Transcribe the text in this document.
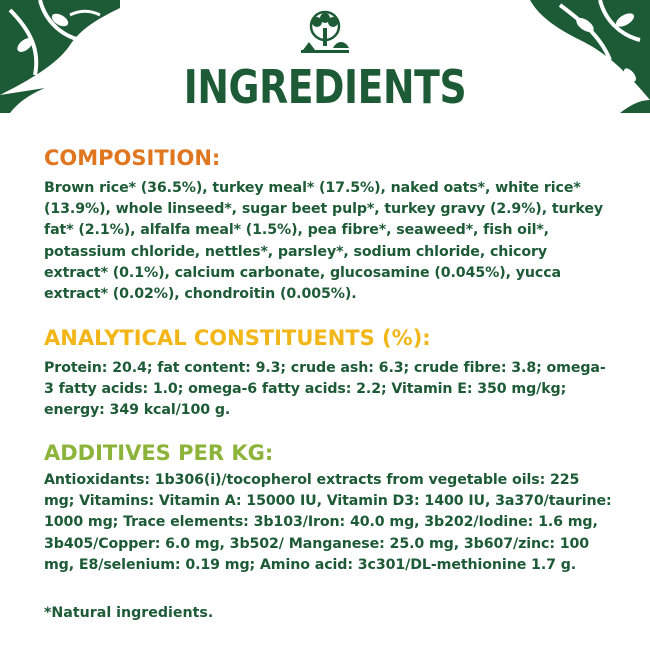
INGREDIENTS
COMPOSITION:
Brown rice* (36.5%), turkey meal* (17.5%), naked oats*, white rice* (13.9%), whole linseed*, sugar beet pulp*, turkey gravy (2.9%), turkey fat* (2.1%), alfalfa meal* (1.5%), pea fibre*, seaweed*, fish oil*, potassium chloride, nettles*, parsley*, sodium chloride, chicory extract* (0.1%), calcium carbonate, glucosamine (0.045%), yucca extract* (0.02%), chondroitin (0.005%).
ANALYTICAL CONSTITUENTS (%):
Protein: 20.4; fat content: 9.3; crude ash: 6.3; crude fibre: 3.8; omega-3 fatty acids: 1.0; omega-6 fatty acids: 2.2; Vitamin E: 350 mg/kg; energy: 349 kcal/100 g.
ADDITIVES PER KG:
Antioxidants: 1b306(i)/tocopherol extracts from vegetable oils: 225 mg; Vitamins: Vitamin A: 15000 IU, Vitamin D3: 1400 IU, 3a370/taurine: 1000 mg; Trace elements: 3b103/Iron: 40.0 mg, 3b202/Iodine: 1.6 mg, 3b405/Copper: 6.0 mg, 3b502/ Manganese: 25.0 mg, 3b607/zinc: 100 mg, E8/selenium: 0.19 mg; Amino acid: 3c301/DL-methionine 1.7 g.
*Natural ingredients.
